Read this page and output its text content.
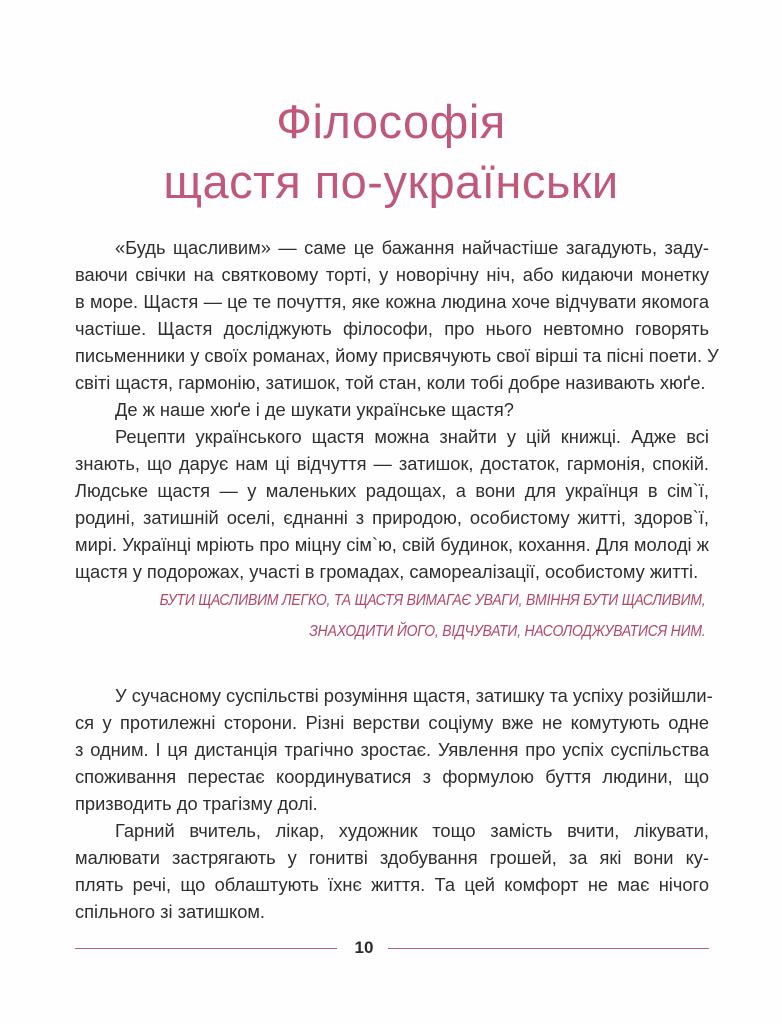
Філософія
щастя по-українськи
«Будь щасливим» — саме це бажання найчастіше загадують, заду-
ваючи свічки на святковому торті, у новорічну ніч, або кидаючи монетку
в море. Щастя — це те почуття, яке кожна людина хоче відчувати якомога
частіше. Щастя досліджують філософи, про нього невтомно говорять
письменники у своїх романах, йому присвячують свої вірші та пісні поети. У
світі щастя, гармонію, затишок, той стан, коли тобі добре називають хюґе.
Де ж наше хюґе і де шукати українське щастя?
Рецепти українського щастя можна знайти у цій книжці. Адже всі
знають, що дарує нам ці відчуття — затишок, достаток, гармонія, спокій.
Людське щастя — у маленьких радощах, а вони для українця в сім`ї,
родині, затишній оселі, єднанні з природою, особистому житті, здоров`ї,
мирі. Українці мріють про міцну сім`ю, свій будинок, кохання. Для молоді ж
щастя у подорожах, участі в громадах, самореалізації, особистому житті.
БУТИ ЩАСЛИВИМ ЛЕГКО, ТА ЩАСТЯ ВИМАГАЄ УВАГИ, ВМІННЯ БУТИ ЩАСЛИВИМ,
ЗНАХОДИТИ ЙОГО, ВІДЧУВАТИ, НАСОЛОДЖУВАТИСЯ НИМ.
У сучасному суспільстві розуміння щастя, затишку та успіху розійшли-
ся у протилежні сторони. Різні верстви соціуму вже не комутують одне
з одним. І ця дистанція трагічно зростає. Уявлення про успіх суспільства
споживання перестає координуватися з формулою буття людини, що
призводить до трагізму долі.
Гарний вчитель, лікар, художник тощо замість вчити, лікувати,
малювати застрягають у гонитві здобування грошей, за які вони ку-
плять речі, що облаштують їхнє життя. Та цей комфорт не має нічого
спільного зі затишком.
10
